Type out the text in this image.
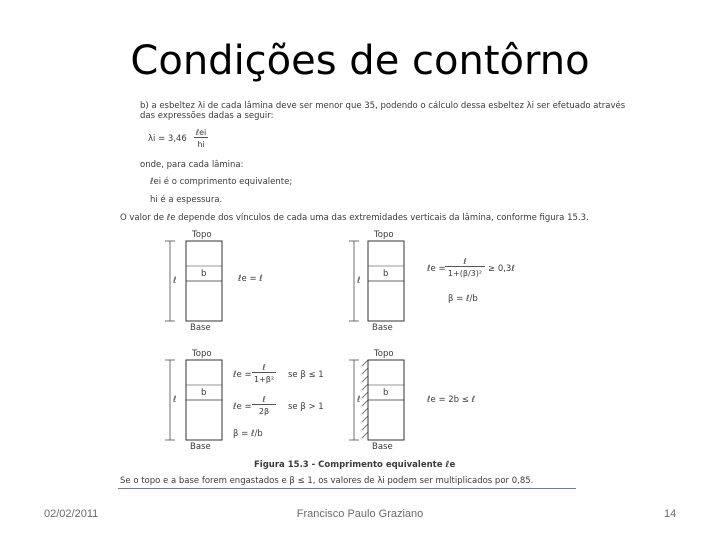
Condições de contôrno
b) a esbeltez λi de cada lâmina deve ser menor que 35, podendo o cálculo dessa esbeltez λi ser efetuado através
das expressões dadas a seguir:
λi = 3,46
ℓei
hi
onde, para cada lâmina:
ℓei é o comprimento equivalente;
hi é a espessura.
O valor de ℓe depende dos vínculos de cada uma das extremidades verticais da lâmina, conforme figura 15.3.
Topo
Base
b
ℓ	ℓe = ℓ
Topo
Base
b
ℓ
ℓe =
ℓ
1+(β/3)² ≥ 0,3ℓ
β = ℓ/b
Topo
Base
b
ℓ
ℓe =
ℓ
1+β² se β ≤ 1
ℓe =
ℓ
2β	se β > 1
β = ℓ/b
Topo
Base
b
ℓ	ℓe = 2b ≤ ℓ
Figura 15.3 - Comprimento equivalente ℓe
Se o topo e a base forem engastados e β ≤ 1, os valores de λi podem ser multiplicados por 0,85.
02/02/2011	Francisco Paulo Graziano	14
